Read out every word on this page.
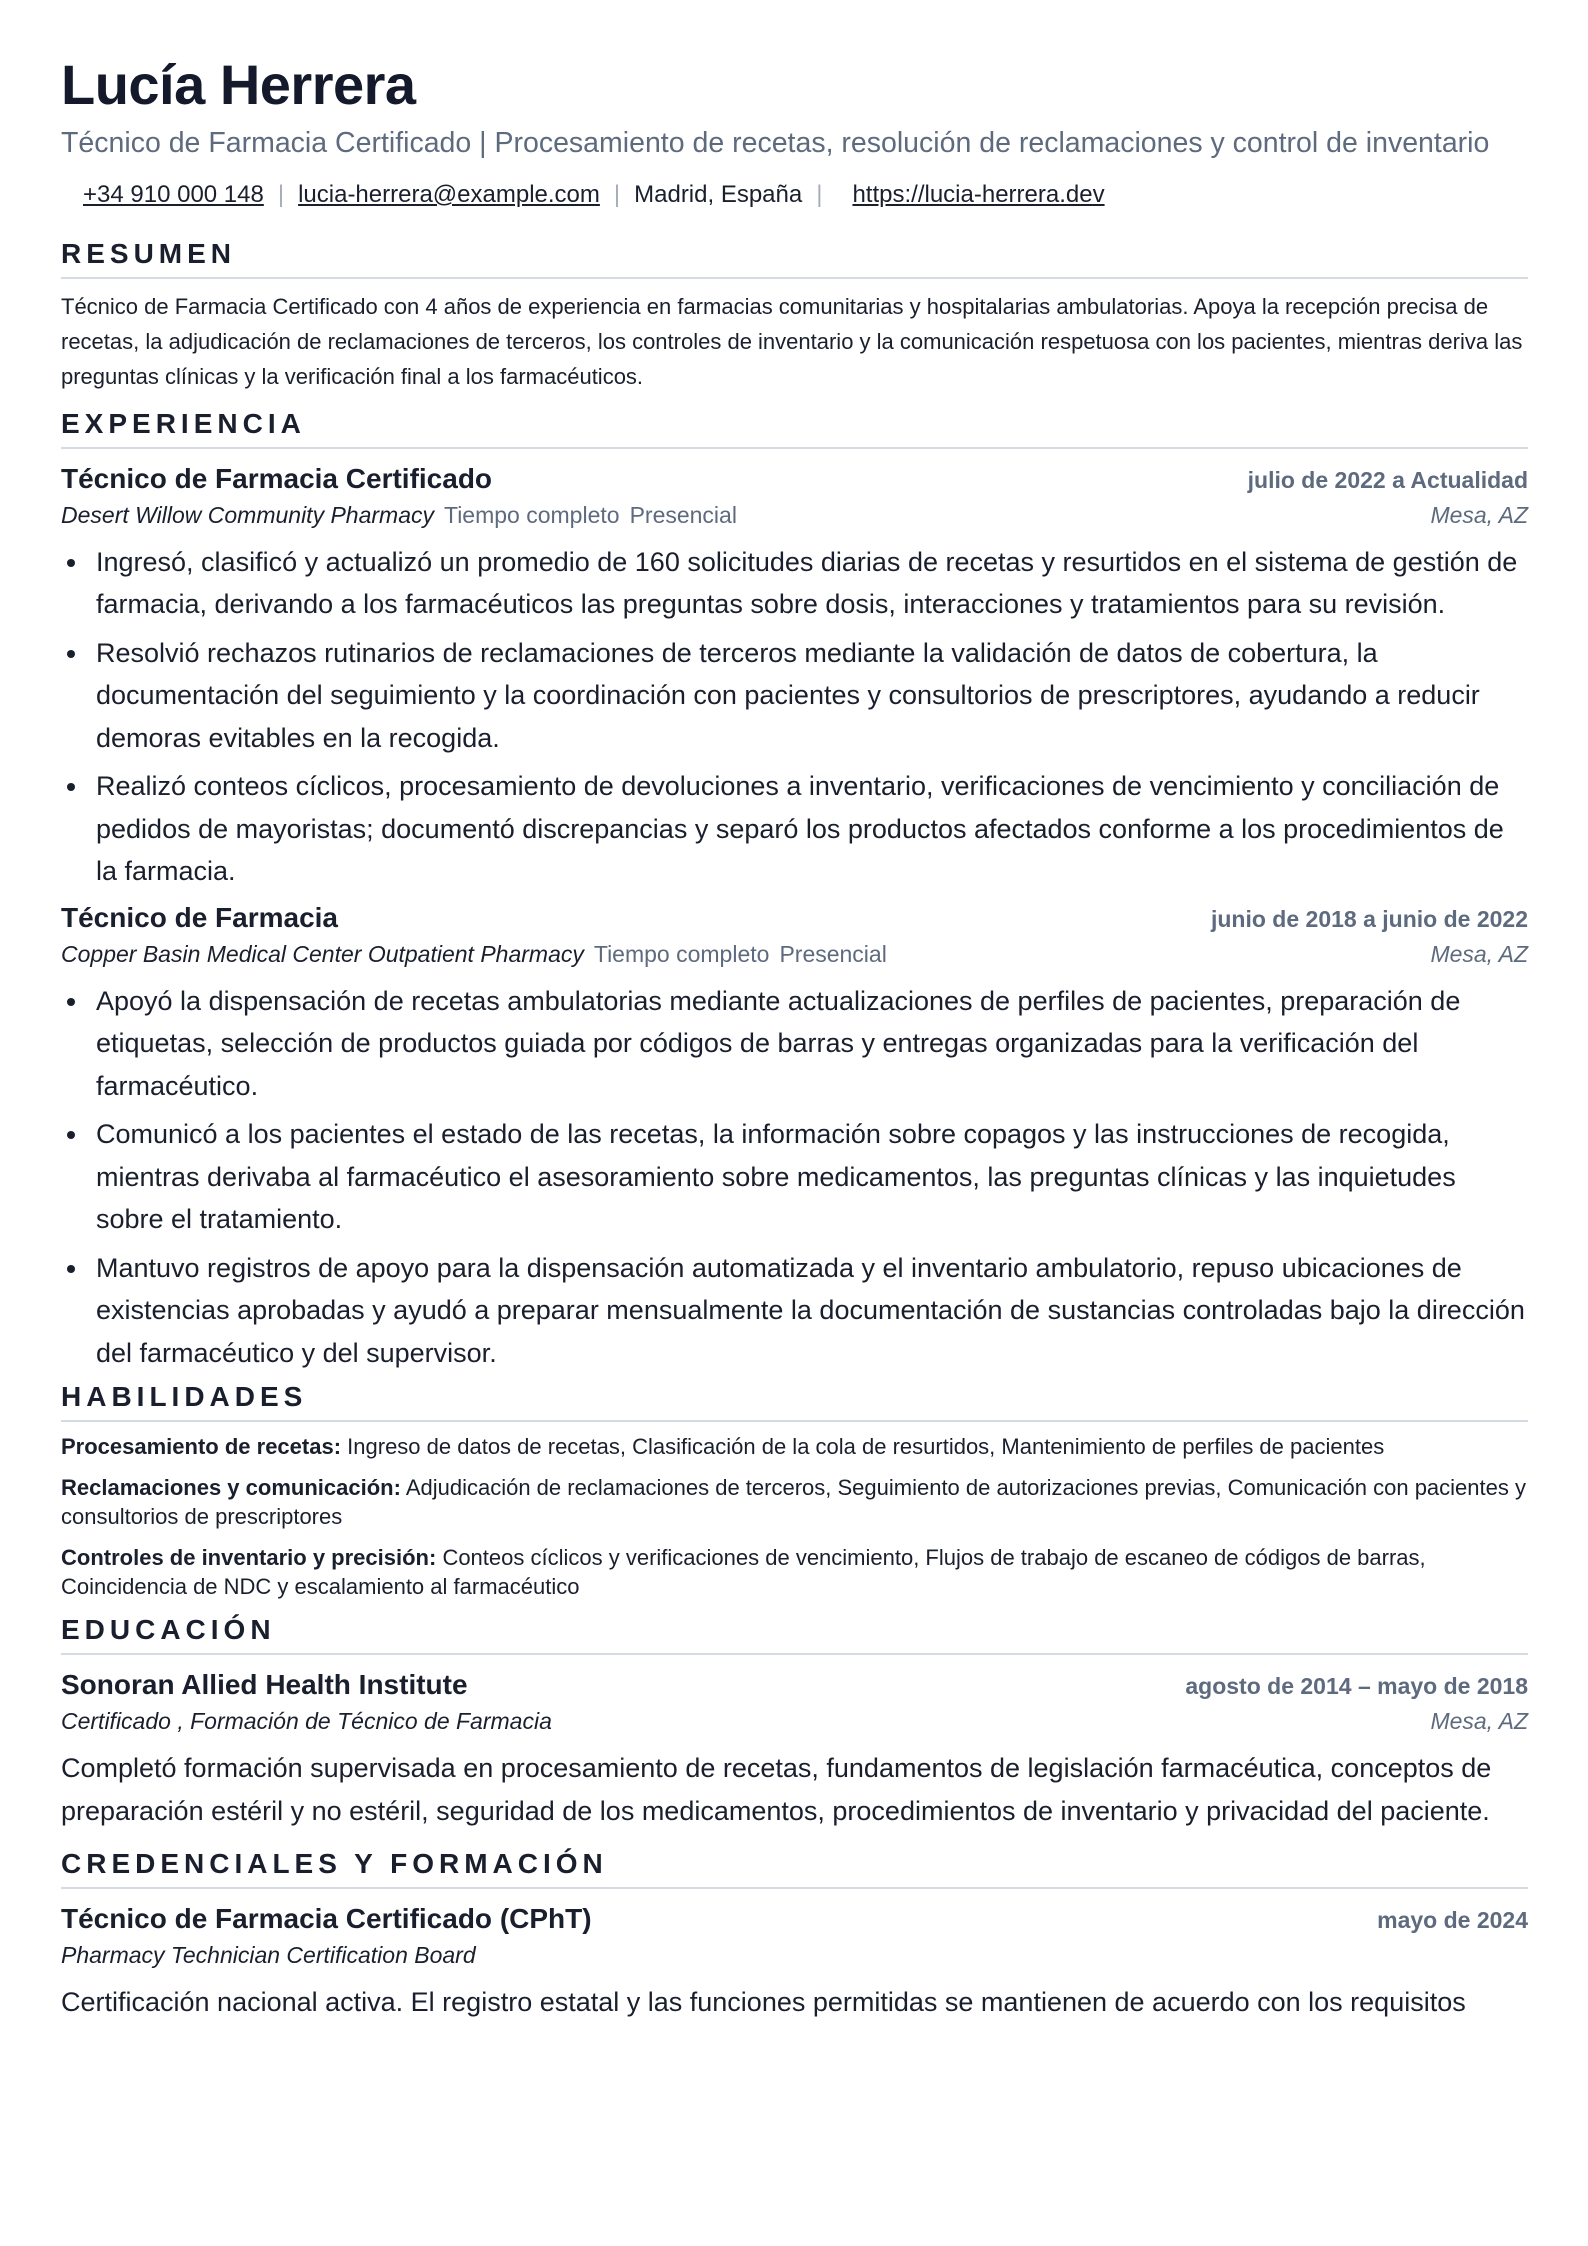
Lucía Herrera
Técnico de Farmacia Certificado | Procesamiento de recetas, resolución de reclamaciones y control de inventario
+34 910 000 148 | lucia-herrera@example.com | Madrid, España | https://lucia-herrera.dev
RESUMEN
Técnico de Farmacia Certificado con 4 años de experiencia en farmacias comunitarias y hospitalarias ambulatorias. Apoya la recepción precisa de recetas, la adjudicación de reclamaciones de terceros, los controles de inventario y la comunicación respetuosa con los pacientes, mientras deriva las preguntas clínicas y la verificación final a los farmacéuticos.
EXPERIENCIA
Técnico de Farmacia Certificado	julio de 2022 a Actualidad
Desert Willow Community Pharmacy Tiempo completo Presencial	Mesa, AZ
Ingresó, clasificó y actualizó un promedio de 160 solicitudes diarias de recetas y resurtidos en el sistema de gestión de farmacia, derivando a los farmacéuticos las preguntas sobre dosis, interacciones y tratamientos para su revisión.
Resolvió rechazos rutinarios de reclamaciones de terceros mediante la validación de datos de cobertura, la documentación del seguimiento y la coordinación con pacientes y consultorios de prescriptores, ayudando a reducir demoras evitables en la recogida.
Realizó conteos cíclicos, procesamiento de devoluciones a inventario, verificaciones de vencimiento y conciliación de pedidos de mayoristas; documentó discrepancias y separó los productos afectados conforme a los procedimientos de la farmacia.
Técnico de Farmacia	junio de 2018 a junio de 2022
Copper Basin Medical Center Outpatient Pharmacy Tiempo completo Presencial	Mesa, AZ
Apoyó la dispensación de recetas ambulatorias mediante actualizaciones de perfiles de pacientes, preparación de etiquetas, selección de productos guiada por códigos de barras y entregas organizadas para la verificación del farmacéutico.
Comunicó a los pacientes el estado de las recetas, la información sobre copagos y las instrucciones de recogida, mientras derivaba al farmacéutico el asesoramiento sobre medicamentos, las preguntas clínicas y las inquietudes sobre el tratamiento.
Mantuvo registros de apoyo para la dispensación automatizada y el inventario ambulatorio, repuso ubicaciones de existencias aprobadas y ayudó a preparar mensualmente la documentación de sustancias controladas bajo la dirección del farmacéutico y del supervisor.
HABILIDADES
Procesamiento de recetas: Ingreso de datos de recetas, Clasificación de la cola de resurtidos, Mantenimiento de perfiles de pacientes
Reclamaciones y comunicación: Adjudicación de reclamaciones de terceros, Seguimiento de autorizaciones previas, Comunicación con pacientes y consultorios de prescriptores
Controles de inventario y precisión: Conteos cíclicos y verificaciones de vencimiento, Flujos de trabajo de escaneo de códigos de barras, Coincidencia de NDC y escalamiento al farmacéutico
EDUCACIÓN
Sonoran Allied Health Institute	agosto de 2014 – mayo de 2018
Certificado , Formación de Técnico de Farmacia	Mesa, AZ
Completó formación supervisada en procesamiento de recetas, fundamentos de legislación farmacéutica, conceptos de preparación estéril y no estéril, seguridad de los medicamentos, procedimientos de inventario y privacidad del paciente.
CREDENCIALES Y FORMACIÓN
Técnico de Farmacia Certificado (CPhT)	mayo de 2024
Pharmacy Technician Certification Board
Certificación nacional activa. El registro estatal y las funciones permitidas se mantienen de acuerdo con los requisitos
